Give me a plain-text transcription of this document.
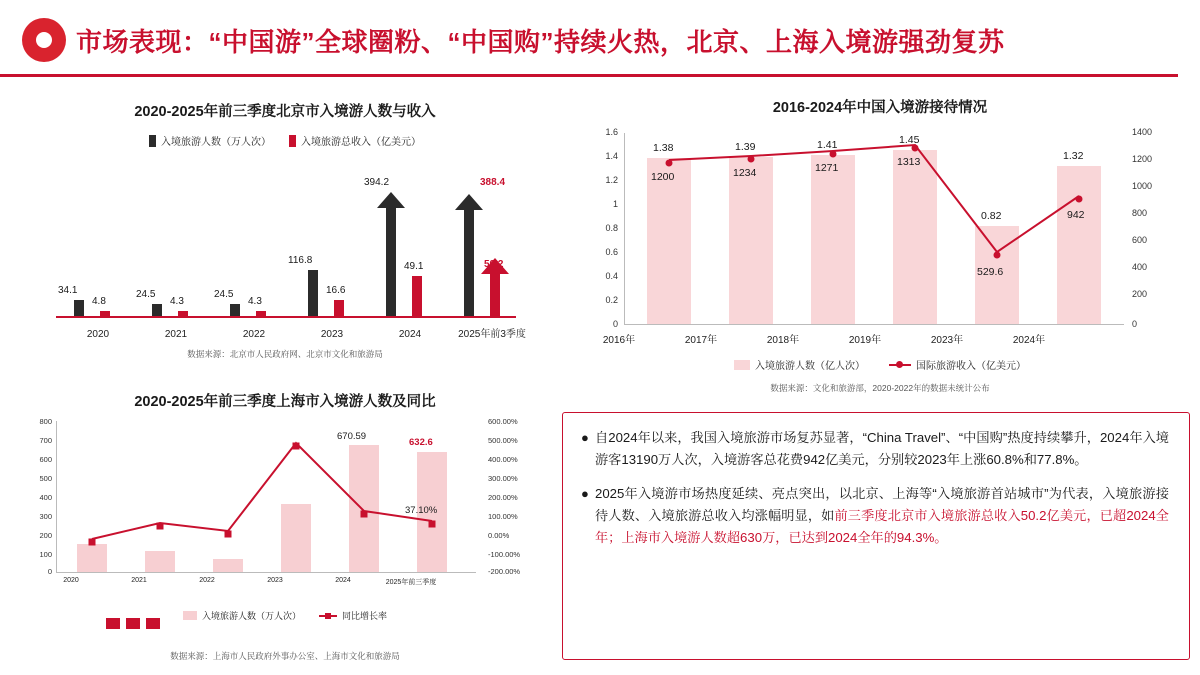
市场表现：“中国游”全球圈粉、“中国购”持续火热，北京、上海入境游强劲复苏
2020-2025年前三季度北京市入境游人数与收入
入境旅游人数（万人次）	入境旅游总收入（亿美元）
34.1
4.8
2020
24.5
4.3
2021
24.5
4.3
2022
116.8
16.6
2023
394.2
49.1
2024
388.4
50.2
2025年前3季度
数据来源：北京市人民政府网、北京市文化和旅游局
2020-2025年前三季度上海市入境游人数及同比
800
700
600
500
400
300
200
100
0
600.00%
500.00%
400.00%
300.00%
200.00%
100.00%
0.00%
-100.00%
-200.00%
670.59
632.6
37.10%
2020	2021	2022	2023	2024	2025年前三季度
入境旅游人数（万人次）	同比增长率
数据来源：上海市人民政府外事办公室、上海市文化和旅游局
2016-2024年中国入境游接待情况
1.6
1.4
1.2
1
0.8
0.6
0.4
0.2
0
1400
1200
1000
800
600
400
200
0
1.38	1.39	1.41	1.45
0.82
1.32
1200	1234	1271	1313
529.6
942
2016年	2017年	2018年	2019年	2023年	2024年
入境旅游人数（亿人次）	国际旅游收入（亿美元）
数据来源：文化和旅游部，2020-2022年的数据未统计公布
● 自2024年以来，我国入境旅游市场复苏显著，“China Travel”、“中国购”热度持续攀升，2024年入境游客13190万人次，入境游客总花费942亿美元，分别较2023年上涨60.8%和77.8%。
● 2025年入境游市场热度延续、亮点突出，以北京、上海等“入境旅游首站城市”为代表，入境旅游接待人数、入境旅游总收入均涨幅明显，如前三季度北京市入境旅游总收入50.2亿美元，已超2024全年；上海市入境游人数超630万，已达到2024全年的94.3%。
